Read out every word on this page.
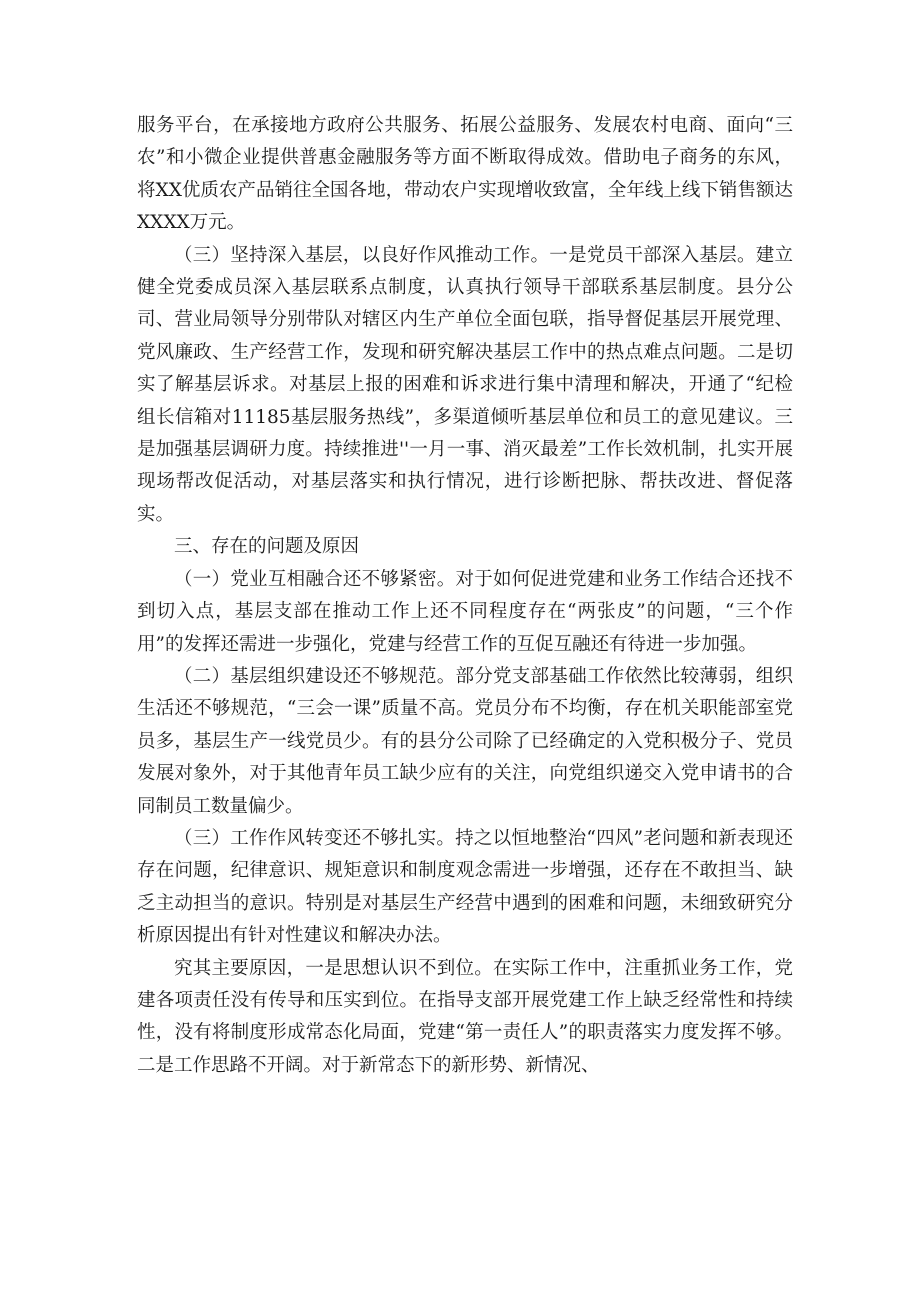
服务平台，在承接地方政府公共服务、拓展公益服务、发展农村电商、面向“三农”和小微企业提供普惠金融服务等方面不断取得成效。借助电子商务的东风，将XX优质农产品销往全国各地，带动农户实现增收致富，全年线上线下销售额达XXXX万元。

（三）坚持深入基层，以良好作风推动工作。一是党员干部深入基层。建立健全党委成员深入基层联系点制度，认真执行领导干部联系基层制度。县分公司、营业局领导分别带队对辖区内生产单位全面包联，指导督促基层开展党理、党风廉政、生产经营工作，发现和研究解决基层工作中的热点难点问题。二是切实了解基层诉求。对基层上报的困难和诉求进行集中清理和解决，开通了“纪检组长信箱对11185基层服务热线”，多渠道倾听基层单位和员工的意见建议。三是加强基层调研力度。持续推进''一月一事、消灭最差”工作长效机制，扎实开展现场帮改促活动，对基层落实和执行情况，进行诊断把脉、帮扶改进、督促落实。

三、存在的问题及原因

（一）党业互相融合还不够紧密。对于如何促进党建和业务工作结合还找不到切入点，基层支部在推动工作上还不同程度存在“两张皮”的问题，“三个作用”的发挥还需进一步强化，党建与经营工作的互促互融还有待进一步加强。

（二）基层组织建设还不够规范。部分党支部基础工作依然比较薄弱，组织生活还不够规范，“三会一课”质量不高。党员分布不均衡，存在机关职能部室党员多，基层生产一线党员少。有的县分公司除了已经确定的入党积极分子、党员发展对象外，对于其他青年员工缺少应有的关注，向党组织递交入党申请书的合同制员工数量偏少。

（三）工作作风转变还不够扎实。持之以恒地整治“四风”老问题和新表现还存在问题，纪律意识、规矩意识和制度观念需进一步增强，还存在不敢担当、缺乏主动担当的意识。特别是对基层生产经营中遇到的困难和问题，未细致研究分析原因提出有针对性建议和解决办法。

究其主要原因，一是思想认识不到位。在实际工作中，注重抓业务工作，党建各项责任没有传导和压实到位。在指导支部开展党建工作上缺乏经常性和持续性，没有将制度形成常态化局面，党建“第一责任人”的职责落实力度发挥不够。二是工作思路不开阔。对于新常态下的新形势、新情况、
